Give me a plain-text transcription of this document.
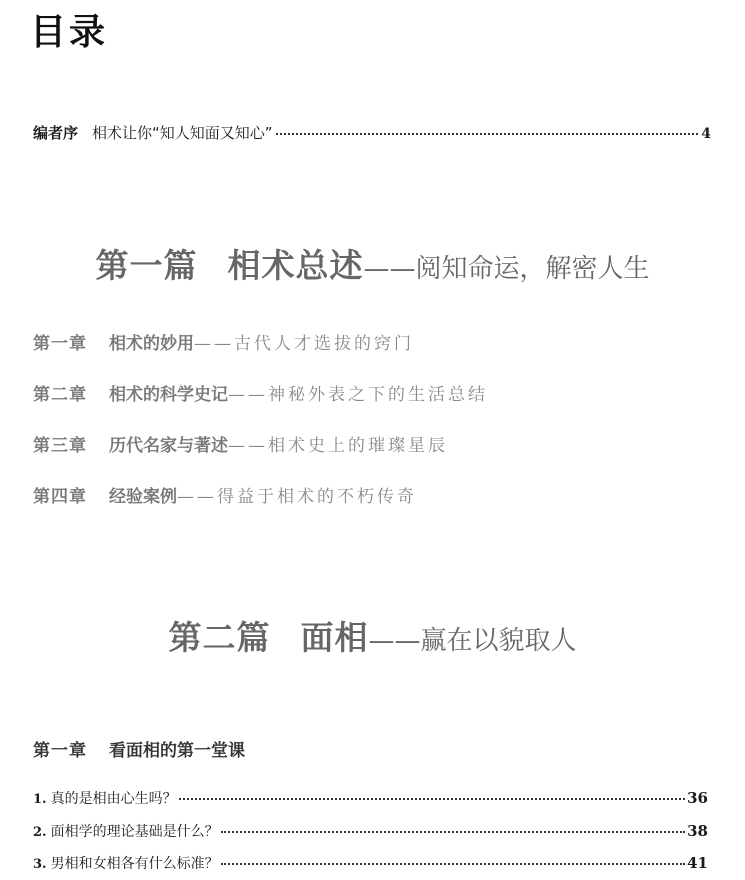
目录
编者序 相术让你“知人知面又知心”	4
第一篇 相术总述——阅知命运，解密人生
第一章 相术的妙用——古代人才选拔的窍门
第二章 相术的科学史记——神秘外表之下的生活总结
第三章 历代名家与著述——相术史上的璀璨星辰
第四章 经验案例——得益于相术的不朽传奇
第二篇 面相——赢在以貌取人
第一章 看面相的第一堂课
1. 真的是相由心生吗？	36
2. 面相学的理论基础是什么？	38
3. 男相和女相各有什么标准？	41
